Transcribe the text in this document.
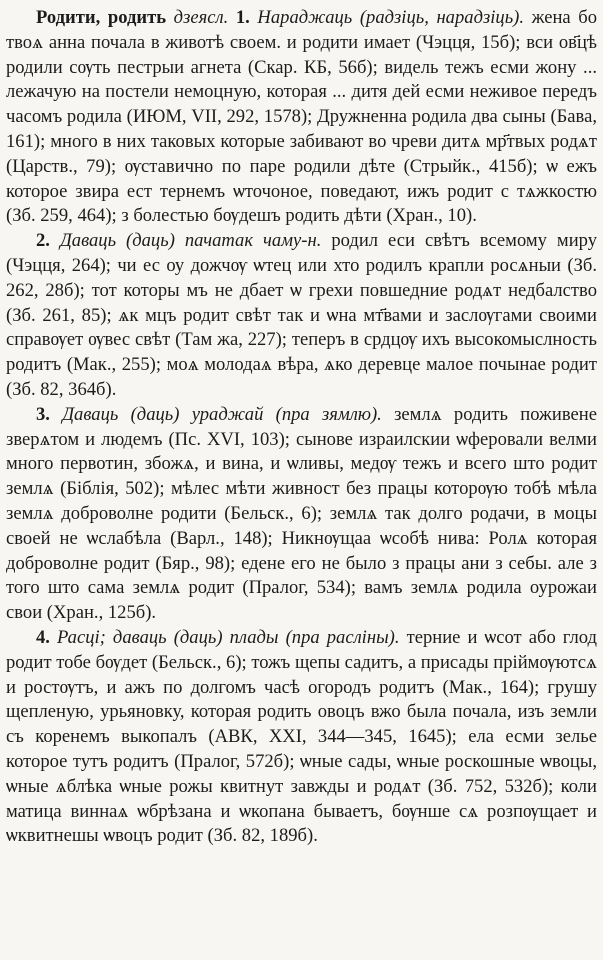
Родити, родить дзеясл. 1. Нараджаць (радзіць, нарадзіць). жена бо твоѧ анна почала в животѣ своем. и родити имает (Чэцця, 15б); вси ов҃цѣ родили сѹть пестрыи агнета (Скар. КБ, 56б); видель тежъ есми жону ... лежачую на постели немоцную, которая ... дитя дей есми неживое передъ часомъ родила (ИЮМ, VII, 292, 1578); Дружненна родила два сыны (Бава, 161); много в них таковых которые забивают во чреви дитѧ мр҃твых родѧт (Царств., 79); ѹставично по паре родили дѣте (Стрыйк., 415б); ѡ ежъ которое звира ест тернемъ ѡточоное, поведают, ижъ родит с тѧжкостю (Зб. 259, 464); з болестью бѹдешъ родить дѣти (Хран., 10).

2. Даваць (даць) пачатак чаму-н. родил еси свѣтъ всемому миру (Чэцця, 264); чи ес оу дожчѹ ѡтец или хто родилъ крапли росѧныи (Зб. 262, 28б); тот которы мъ не дбает ѡ грехи повшедние родѧт недбалство (Зб. 261, 85); ѧк мцъ родит свѣт так и ѡна мт҃вами и заслѹгами своими справѹет ѹвес свѣт (Там жа, 227); теперъ в срдцѹ ихъ высокомыслность родитъ (Мак., 255); моѧ молодаѧ вѣра, ѧко деревце малое почынае родит (Зб. 82, 364б).

3. Даваць (даць) ураджай (пра зямлю). землѧ родить поживене зверѧтом и людемъ (Пс. XVI, 103); сынове израилскии ѡферовали велми много первотин, збожѧ, и вина, и ѡливы, медѹ тежъ и всего што родит землѧ (Біблія, 502); мѣлес мѣти живност без працы которѹю тобѣ мѣла землѧ доброволне родити (Бельск., 6); землѧ так долго родачи, в моцы своей не ѡслабѣла (Варл., 148); Никнѹщаа ѡсобѣ нива: Ролѧ которая доброволне родит (Бяр., 98); едене его не было з працы ани з себы. але з того што сама землѧ родит (Пралог, 534); вамъ землѧ родила оурожаи свои (Хран., 125б).

4. Расці; даваць (даць) плады (пра расліны). терние и ѡсот або глод родит тобе бѹдет (Бельск., 6); тожъ щепы садитъ, а присады пріймѹютсѧ и ростѹтъ, и ажъ по долгомъ часѣ огородъ родитъ (Мак., 164); грушу щепленую, урьяновку, которая родить овоцъ вжо была почала, изъ земли съ коренемъ выкопалъ (АВК, XXI, 344—345, 1645); ела есми зелье которое тутъ родитъ (Пралог, 572б); ѡные сады, ѡные роскошные ѡвоцы, ѡные ѧблѣка ѡные рожы квитнут завжды и родѧт (Зб. 752, 532б); коли матица виннаѧ ѡбрѣзана и ѡкопана бываетъ, бѹнше сѧ розпѹщает и ѡквитнешы ѡвоцъ родит (Зб. 82, 189б).
